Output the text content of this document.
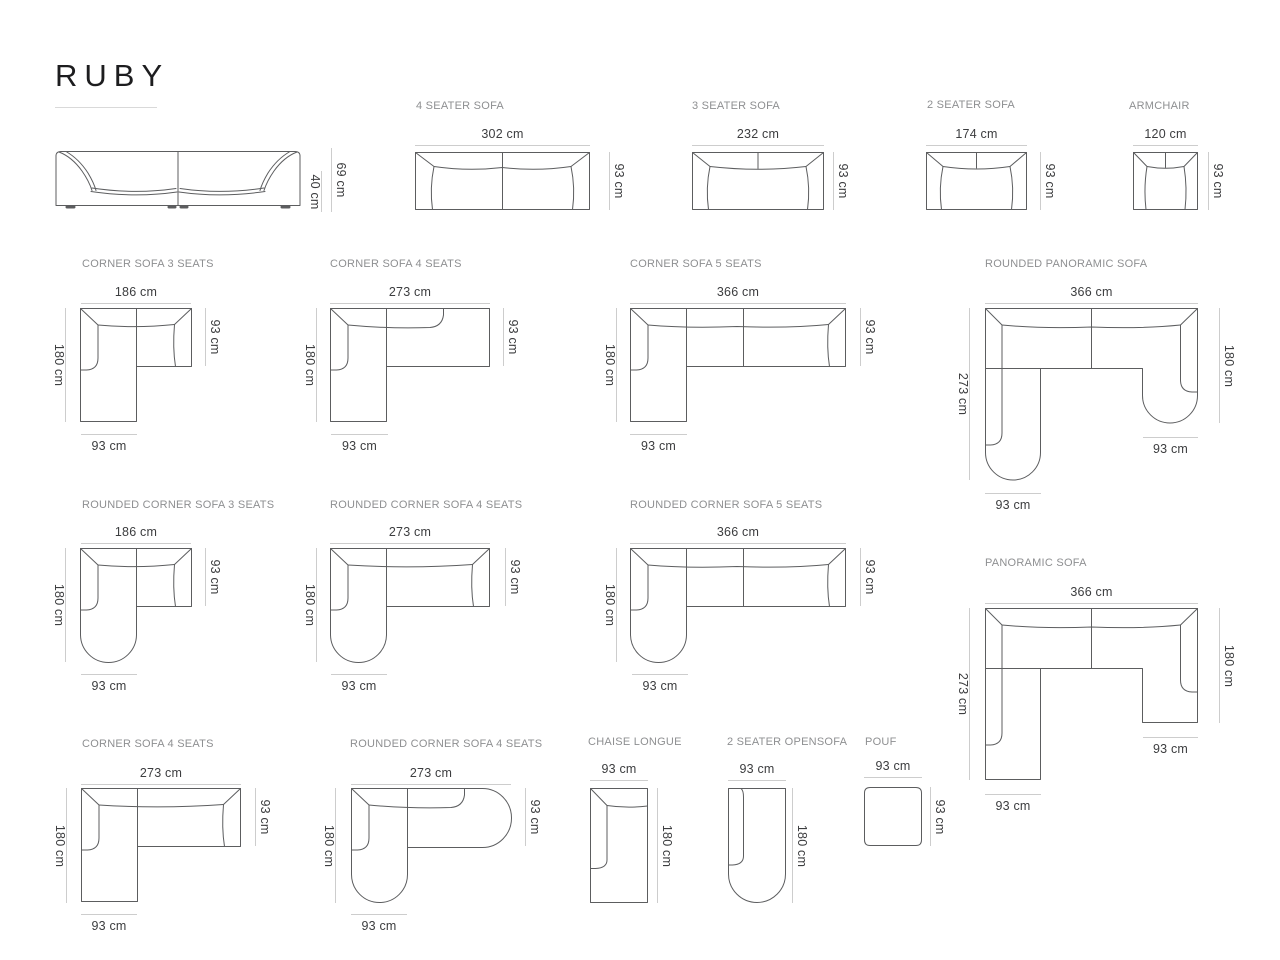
RUBY
40 cm 69 cm
4 SEATER SOFA
302 cm
93 cm
3 SEATER SOFA
232 cm
93 cm
2 SEATER SOFA
174 cm
93 cm
ARMCHAIR
120 cm
93 cm
CORNER SOFA 3 SEATS
186 cm
93 cm
180 cm
93 cm
CORNER SOFA 4 SEATS
273 cm
93 cm
180 cm
93 cm
CORNER SOFA 5 SEATS
366 cm
93 cm
180 cm
93 cm
ROUNDED PANORAMIC SOFA
366 cm
273 cm
180 cm
93 cm
93 cm
ROUNDED CORNER SOFA 3 SEATS
186 cm
93 cm
180 cm
93 cm
ROUNDED CORNER SOFA 4 SEATS
273 cm
93 cm
180 cm
93 cm
ROUNDED CORNER SOFA 5 SEATS
366 cm
93 cm
180 cm
93 cm
PANORAMIC SOFA
366 cm
273 cm
180 cm
93 cm
93 cm
CORNER SOFA 4 SEATS
273 cm
93 cm
180 cm
93 cm
ROUNDED CORNER SOFA 4 SEATS
273 cm
93 cm
180 cm
93 cm
CHAISE LONGUE
93 cm
180 cm
2 SEATER OPENSOFA
93 cm
180 cm
POUF
93 cm
93 cm
